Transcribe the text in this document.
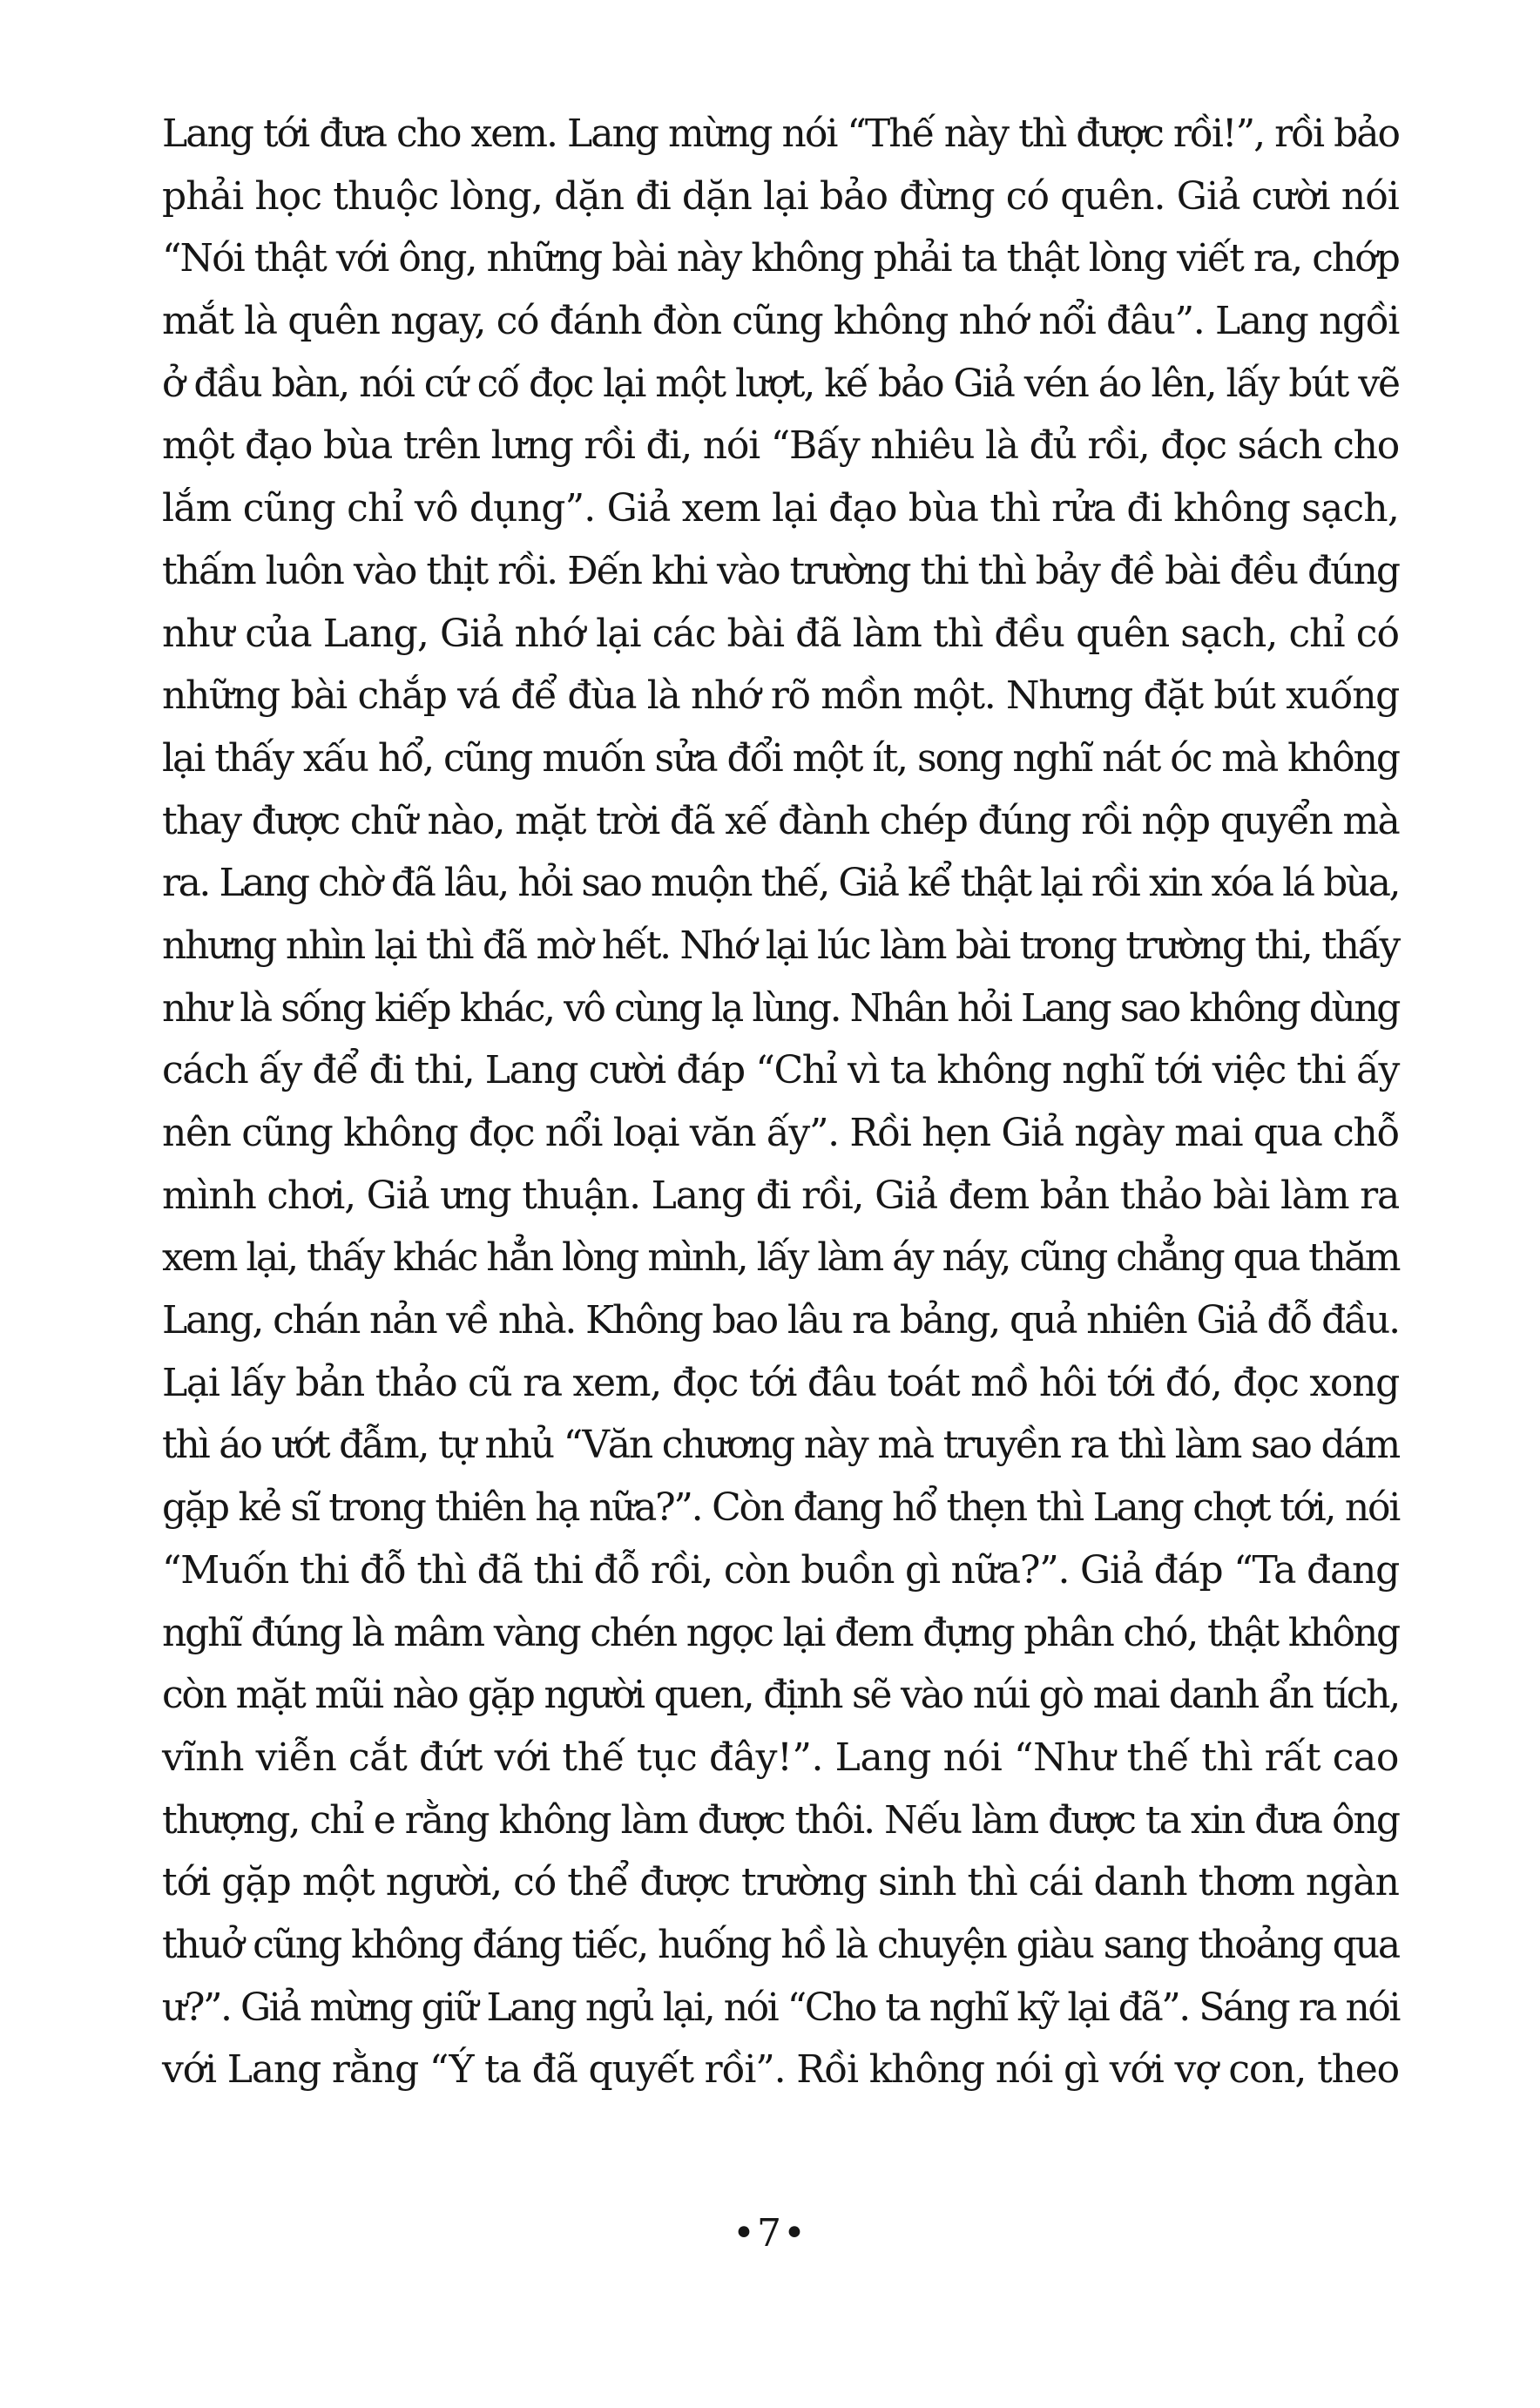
Lang tới đưa cho xem. Lang mừng nói “Thế này thì được rồi!”, rồi bảo
phải học thuộc lòng, dặn đi dặn lại bảo đừng có quên. Giả cười nói
“Nói thật với ông, những bài này không phải ta thật lòng viết ra, chớp
mắt là quên ngay, có đánh đòn cũng không nhớ nổi đâu”. Lang ngồi
ở đầu bàn, nói cứ cố đọc lại một lượt, kế bảo Giả vén áo lên, lấy bút vẽ
một đạo bùa trên lưng rồi đi, nói “Bấy nhiêu là đủ rồi, đọc sách cho
lắm cũng chỉ vô dụng”. Giả xem lại đạo bùa thì rửa đi không sạch,
thấm luôn vào thịt rồi. Đến khi vào trường thi thì bảy đề bài đều đúng
như của Lang, Giả nhớ lại các bài đã làm thì đều quên sạch, chỉ có
những bài chắp vá để đùa là nhớ rõ mồn một. Nhưng đặt bút xuống
lại thấy xấu hổ, cũng muốn sửa đổi một ít, song nghĩ nát óc mà không
thay được chữ nào, mặt trời đã xế đành chép đúng rồi nộp quyển mà
ra. Lang chờ đã lâu, hỏi sao muộn thế, Giả kể thật lại rồi xin xóa lá bùa,
nhưng nhìn lại thì đã mờ hết. Nhớ lại lúc làm bài trong trường thi, thấy
như là sống kiếp khác, vô cùng lạ lùng. Nhân hỏi Lang sao không dùng
cách ấy để đi thi, Lang cười đáp “Chỉ vì ta không nghĩ tới việc thi ấy
nên cũng không đọc nổi loại văn ấy”. Rồi hẹn Giả ngày mai qua chỗ
mình chơi, Giả ưng thuận. Lang đi rồi, Giả đem bản thảo bài làm ra
xem lại, thấy khác hẳn lòng mình, lấy làm áy náy, cũng chẳng qua thăm
Lang, chán nản về nhà. Không bao lâu ra bảng, quả nhiên Giả đỗ đầu.
Lại lấy bản thảo cũ ra xem, đọc tới đâu toát mồ hôi tới đó, đọc xong
thì áo ướt đẫm, tự nhủ “Văn chương này mà truyền ra thì làm sao dám
gặp kẻ sĩ trong thiên hạ nữa?”. Còn đang hổ thẹn thì Lang chợt tới, nói
“Muốn thi đỗ thì đã thi đỗ rồi, còn buồn gì nữa?”. Giả đáp “Ta đang
nghĩ đúng là mâm vàng chén ngọc lại đem đựng phân chó, thật không
còn mặt mũi nào gặp người quen, định sẽ vào núi gò mai danh ẩn tích,
vĩnh viễn cắt đứt với thế tục đây!”. Lang nói “Như thế thì rất cao
thượng, chỉ e rằng không làm được thôi. Nếu làm được ta xin đưa ông
tới gặp một người, có thể được trường sinh thì cái danh thơm ngàn
thuở cũng không đáng tiếc, huống hồ là chuyện giàu sang thoảng qua
ư?”. Giả mừng giữ Lang ngủ lại, nói “Cho ta nghĩ kỹ lại đã”. Sáng ra nói
với Lang rằng “Ý ta đã quyết rồi”. Rồi không nói gì với vợ con, theo
•7•
